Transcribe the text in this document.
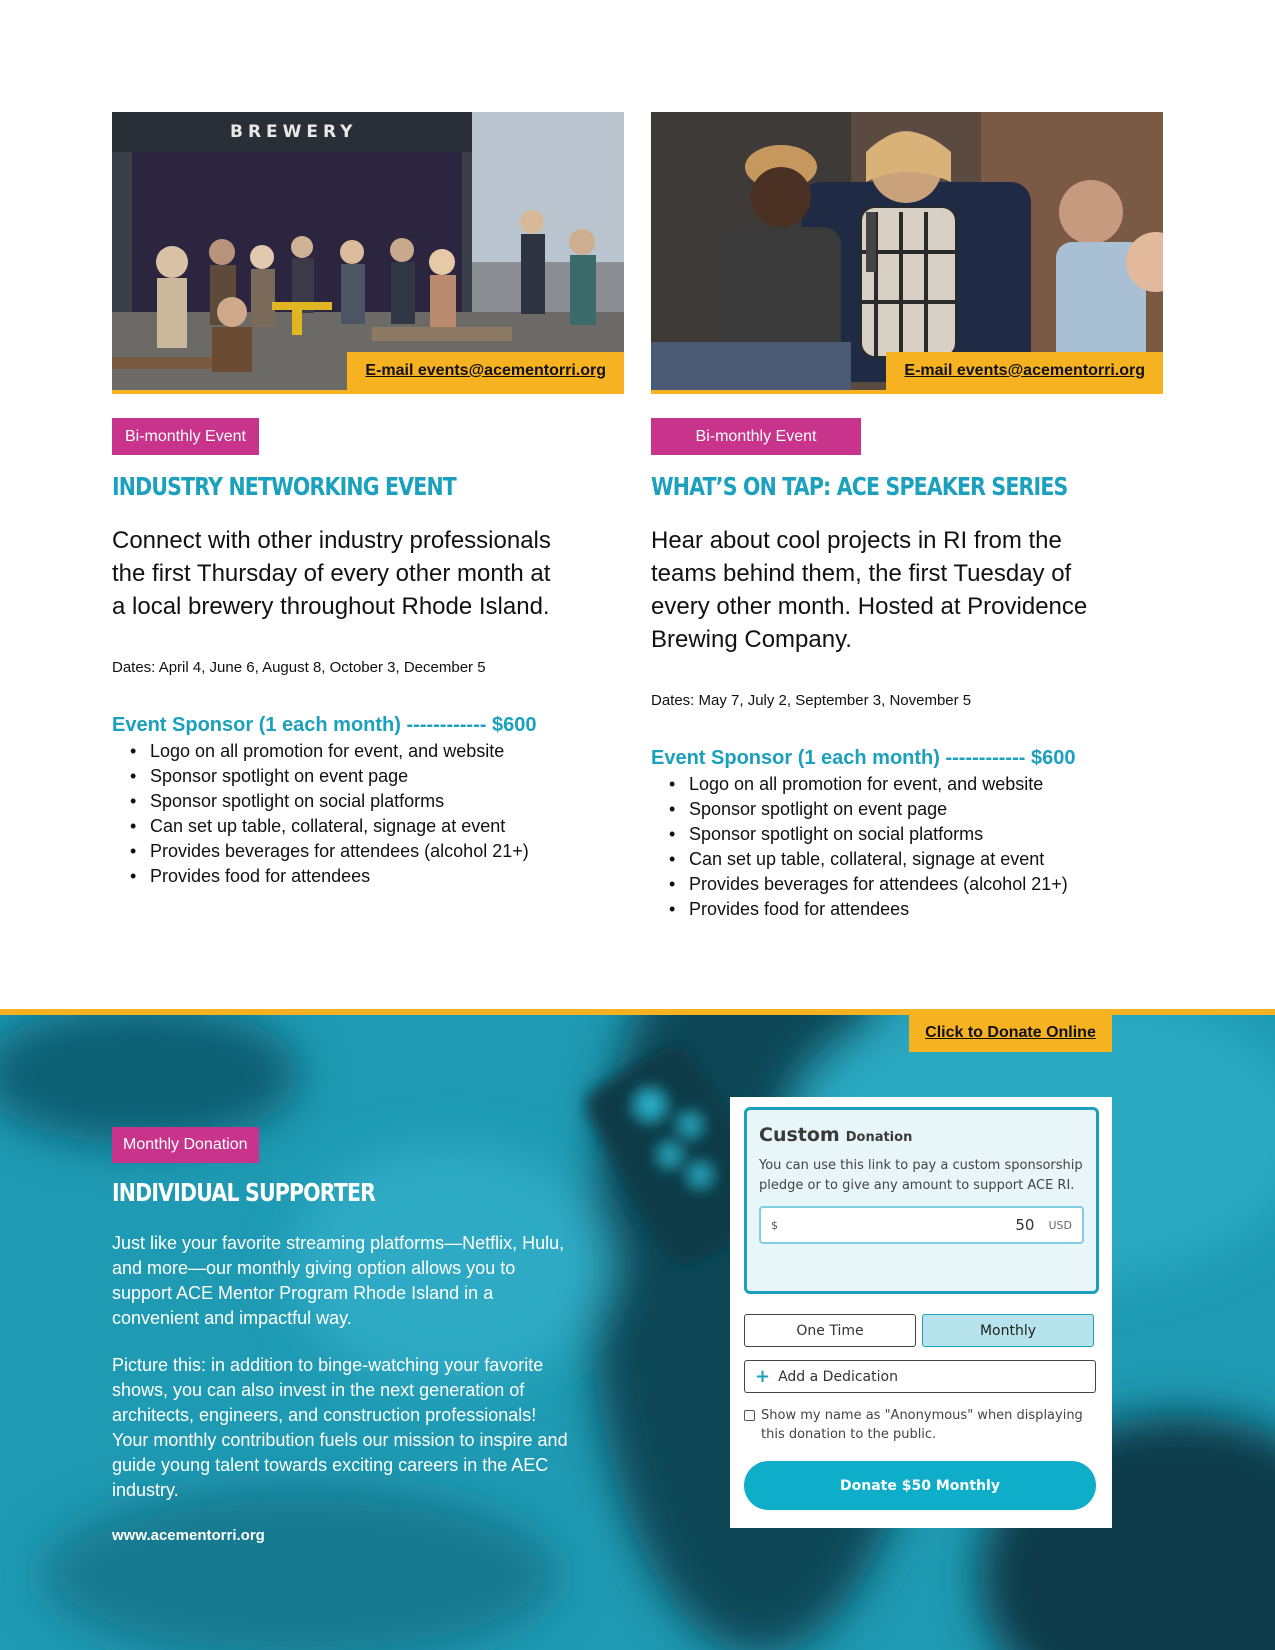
BREWERY
E-mail events@acementorri.org
Bi-monthly Event
INDUSTRY NETWORKING EVENT
Connect with other industry professionals the first Thursday of every other month at a local brewery throughout Rhode Island.
Dates: April 4, June 6, August 8, October 3, December 5
Event Sponsor (1 each month) ------------ $600
• Logo on all promotion for event, and website
• Sponsor spotlight on event page
• Sponsor spotlight on social platforms
• Can set up table, collateral, signage at event
• Provides beverages for attendees (alcohol 21+)
• Provides food for attendees
E-mail events@acementorri.org
Bi-monthly Event
WHAT’S ON TAP: ACE SPEAKER SERIES
Hear about cool projects in RI from the teams behind them, the first Tuesday of every other month. Hosted at Providence Brewing Company.
Dates: May 7, July 2, September 3, November 5
Event Sponsor (1 each month) ------------ $600
• Logo on all promotion for event, and website
• Sponsor spotlight on event page
• Sponsor spotlight on social platforms
• Can set up table, collateral, signage at event
• Provides beverages for attendees (alcohol 21+)
• Provides food for attendees
Click to Donate Online
Monthly Donation
INDIVIDUAL SUPPORTER
Just like your favorite streaming platforms—Netflix, Hulu, and more—our monthly giving option allows you to support ACE Mentor Program Rhode Island in a convenient and impactful way.
Picture this: in addition to binge-watching your favorite shows, you can also invest in the next generation of architects, engineers, and construction professionals! Your monthly contribution fuels our mission to inspire and guide young talent towards exciting careers in the AEC industry.
www.acementorri.org
Custom Donation
You can use this link to pay a custom sponsorship pledge or to give any amount to support ACE RI.
$	50	USD
One Time	Monthly
+ Add a Dedication
Show my name as "Anonymous" when displaying this donation to the public.
Donate $50 Monthly
